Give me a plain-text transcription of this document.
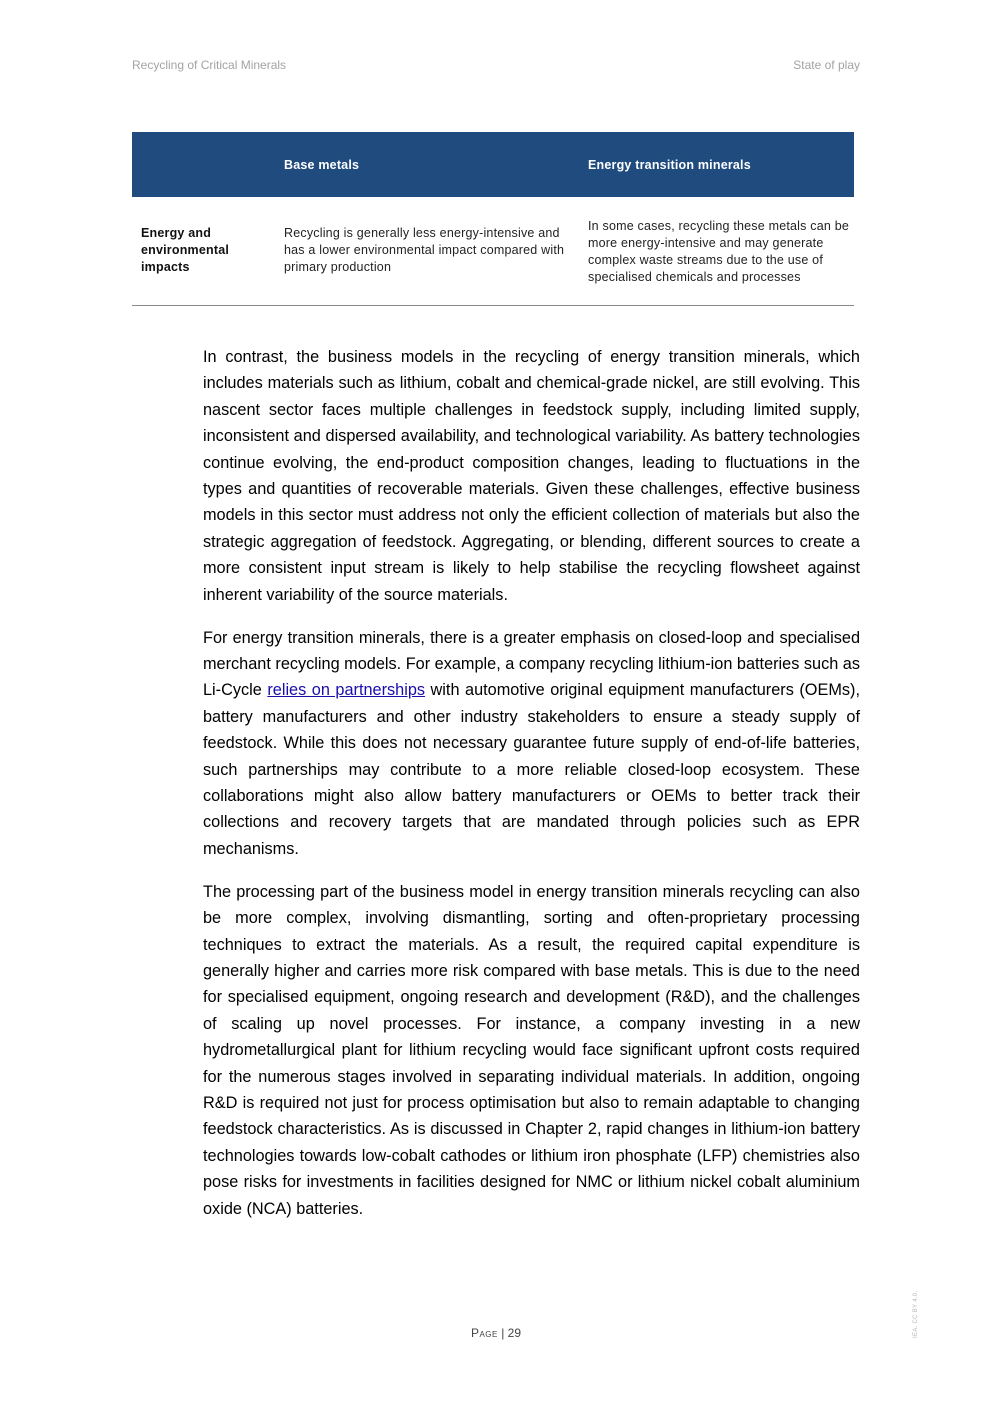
Recycling of Critical Minerals	State of play
	Base metals	Energy transition minerals

Energy and environmental impacts	Recycling is generally less energy-intensive and has a lower environmental impact compared with primary production	In some cases, recycling these metals can be more energy-intensive and may generate complex waste streams due to the use of specialised chemicals and processes

In contrast, the business models in the recycling of energy transition minerals, which includes materials such as lithium, cobalt and chemical-grade nickel, are still evolving. This nascent sector faces multiple challenges in feedstock supply, including limited supply, inconsistent and dispersed availability, and technological variability. As battery technologies continue evolving, the end-product composition changes, leading to fluctuations in the types and quantities of recoverable materials. Given these challenges, effective business models in this sector must address not only the efficient collection of materials but also the strategic aggregation of feedstock. Aggregating, or blending, different sources to create a more consistent input stream is likely to help stabilise the recycling flowsheet against inherent variability of the source materials.

For energy transition minerals, there is a greater emphasis on closed-loop and specialised merchant recycling models. For example, a company recycling lithium-ion batteries such as Li-Cycle relies on partnerships with automotive original equipment manufacturers (OEMs), battery manufacturers and other industry stakeholders to ensure a steady supply of feedstock. While this does not necessary guarantee future supply of end-of-life batteries, such partnerships may contribute to a more reliable closed-loop ecosystem. These collaborations might also allow battery manufacturers or OEMs to better track their collections and recovery targets that are mandated through policies such as EPR mechanisms.

The processing part of the business model in energy transition minerals recycling can also be more complex, involving dismantling, sorting and often-proprietary processing techniques to extract the materials. As a result, the required capital expenditure is generally higher and carries more risk compared with base metals. This is due to the need for specialised equipment, ongoing research and development (R&D), and the challenges of scaling up novel processes. For instance, a company investing in a new hydrometallurgical plant for lithium recycling would face significant upfront costs required for the numerous stages involved in separating individual materials. In addition, ongoing R&D is required not just for process optimisation but also to remain adaptable to changing feedstock characteristics. As is discussed in Chapter 2, rapid changes in lithium-ion battery technologies towards low-cobalt cathodes or lithium iron phosphate (LFP) chemistries also pose risks for investments in facilities designed for NMC or lithium nickel cobalt aluminium oxide (NCA) batteries.

Page | 29	IEA. CC BY 4.0.
